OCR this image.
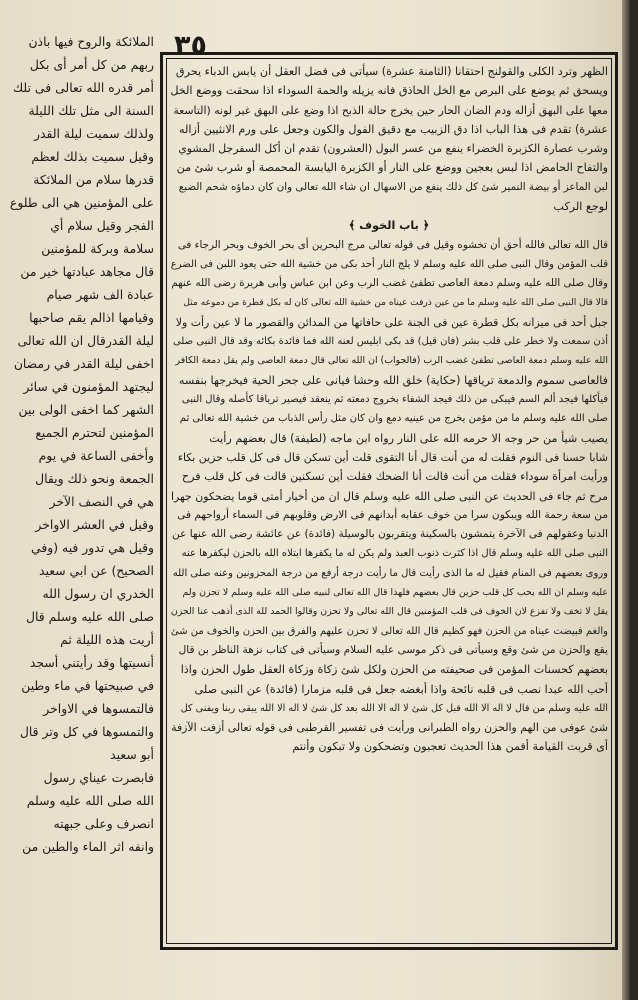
٣٥
الظهر وترد الكلى والقولنج احتقانا (الثامنة عشرة) سيأتى فى فضل العقل أن يابس الدباء يحرق
ويسحق ثم يوضع على البرص مع الخل الحاذق فانه يزيله والحمة السوداء اذا سحقت ووضع الخل
معها على البهق أزاله ودم الضان الحار حين يخرج حالة الذبح اذا وضع على البهق غير لونه (التاسعة
عشرة) تقدم فى هذا الباب اذا دق الزبيب مع دقيق الفول والكون وجعل على ورم الانثيين أزاله
وشرب عصارة الكزبرة الخضراء ينفع من عسر البول (العشرون) تقدم ان أكل السفرجل المشوي
والتفاح الحامض اذا لبس بعجين ووضع على النار أو الكزبرة اليابسة المحمصة أو شرب شئ من
لبن الماعز أو بيضة النمير شئ كل ذلك ينفع من الاسهال ان شاء الله تعالى وان كان دماؤه شحم الضبع
لوجع الركب
﴿ باب الخوف ﴾
قال الله تعالى فالله أحق أن تخشوه وقيل فى قوله تعالى مرج البحرين أى بحر الخوف وبحر الرجاء فى
قلب المؤمن وقال النبى صلى الله عليه وسلم لا يلج النار أحد بكى من خشية الله حتى يعود اللبن فى الضرع
وقال صلى الله عليه وسلم دمعة العاصى تطفئ غضب الرب وعن ابن عباس وأبى هريرة رضى الله عنهم
قالا قال النبى صلى الله عليه وسلم ما من عين ذرفت عيناه من خشية الله تعالى كان له بكل قطرة من دموعه مثل
جبل أحد فى ميزانه بكل قطرة عين فى الجنة على حافاتها من المدائن والقصور ما لا عين رأت ولا
أذن سمعت ولا خطر على قلب بشر (فان قيل) قد بكى ابليس لعنه الله فما فائدة بكائه وقد قال النبى صلى
الله عليه وسلم دمعة العاصى تطفئ غضب الرب (فالجواب) ان الله تعالى قال دمعة العاصى ولم يقل دمعة الكافر
فالعاصى سموم والدمعة ترياقها (حكاية) خلق الله وحشا فيانى على جحر الحية فيخرجها بنفسه
فيأكلها فيجد ألم السم فيبكى من ذلك فيجد الشفاء بخروج دمعته ثم ينعقد فيصير ترياقا كأصله وقال النبى
صلى الله عليه وسلم ما من مؤمن يخرج من عينيه دمع وان كان مثل رأس الذباب من خشية الله تعالى ثم
يصيب شيأ من حر وجه الا حرمه الله على النار رواه ابن ماجه (لطيفة) قال بعضهم رأيت
شابا حسنا فى النوم فقلت له من أنت قال أنا التقوى قلت أين تسكن قال فى كل قلب حزين بكاء
ورأيت امرأة سوداء فقلت من أنت قالت أنا الضحك فقلت أين تسكنين قالت فى كل قلب فرح
مرح ثم جاء فى الحديث عن النبى صلى الله عليه وسلم قال ان من أخيار أمتى قوما يضحكون جهرا
من سعة رحمة الله ويبكون سرا من خوف عقابه أبدانهم فى الارض وقلوبهم فى السماء أرواحهم فى
الدنيا وعقولهم فى الآخرة يتمشون بالسكينة ويتقربون بالوسيلة (فائدة) عن عائشة رضى الله عنها عن
النبى صلى الله عليه وسلم قال اذا كثرت ذنوب العبد ولم يكن له ما يكفرها ابتلاه الله بالحزن ليكفرها عنه
وروى بعضهم فى المنام فقيل له ما الذى رأيت قال ما رأيت درجة أرفع من درجة المحزونين وعنه صلى الله
عليه وسلم ان الله يحب كل قلب حزين قال بعضهم فلهذا قال الله تعالى لنبيه صلى الله عليه وسلم لا تحزن ولم
يقل لا تخف ولا تفزع لان الخوف فى قلب المؤمنين قال الله تعالى ولا تحزن وقالوا الحمد لله الذى أذهب عنا الحزن
والغم فبيضت عيناه من الحزن فهو كظيم قال الله تعالى لا تحزن عليهم والفرق بين الحزن والخوف من شئ
يقع والحزن من شئ وقع وسيأتى فى ذكر موسى عليه السلام وسيأتى فى كتاب نزهة الناظر بن قال
بعضهم كحسنات المؤمن فى صحيفته من الحزن ولكل شئ زكاة وزكاة العقل طول الحزن واذا
أحب الله عبدا نصب فى قلبه نائحة واذا أبغضه جعل فى قلبه مزمارا (فائدة) عن النبى صلى
الله عليه وسلم من قال لا اله الا الله قبل كل شئ لا اله الا الله بعد كل شئ لا اله الا الله يبقى ربنا ويفنى كل
شئ عوفى من الهم والحزن رواه الطبرانى ورأيت فى تفسير القرطبى فى قوله تعالى أزفت الآزفة
أى قربت القيامة أفمن هذا الحديث تعجبون وتضحكون ولا تبكون وأنتم
الملائكة والروح فيها باذن
ربهم من كل أمر أى بكل
أمر قدره الله تعالى فى تلك
السنة الى مثل تلك الليلة
ولذلك سميت ليلة القدر
وقيل سميت بذلك لعظم
قدرها سلام من الملائكة
على المؤمنين هي الى طلوع
الفجر وقيل سلام أي
سلامة وبركة للمؤمنين
قال مجاهد عبادتها خير من
عبادة الف شهر صيام
وقيامها اذالم يقم صاحبها
ليلة القدرقال ان الله تعالى
اخفى ليلة القدر في رمضان
ليجتهد المؤمنون في سائر
الشهر كما اخفى الولى بين
المؤمنين لتحترم الجميع
وأخفى الساعة في يوم
الجمعة ونحو ذلك ويقال
هي في النصف الآخر
وقيل في العشر الاواخر
وقيل هي تدور فيه (وفي
الصحيح) عن ابي سعيد
الخدري ان رسول الله
صلى الله عليه وسلم قال
أريت هذه الليلة ثم
أنسيتها وقد رأيتني أسجد
في صبيحتها في ماء وطين
فالتمسوها في الاواخر
والتمسوها في كل وتر قال
أبو سعيد
فابصرت عيناي رسول
الله صلى الله عليه وسلم
انصرف وعلى جبهته
وانفه اثر الماء والطين من
